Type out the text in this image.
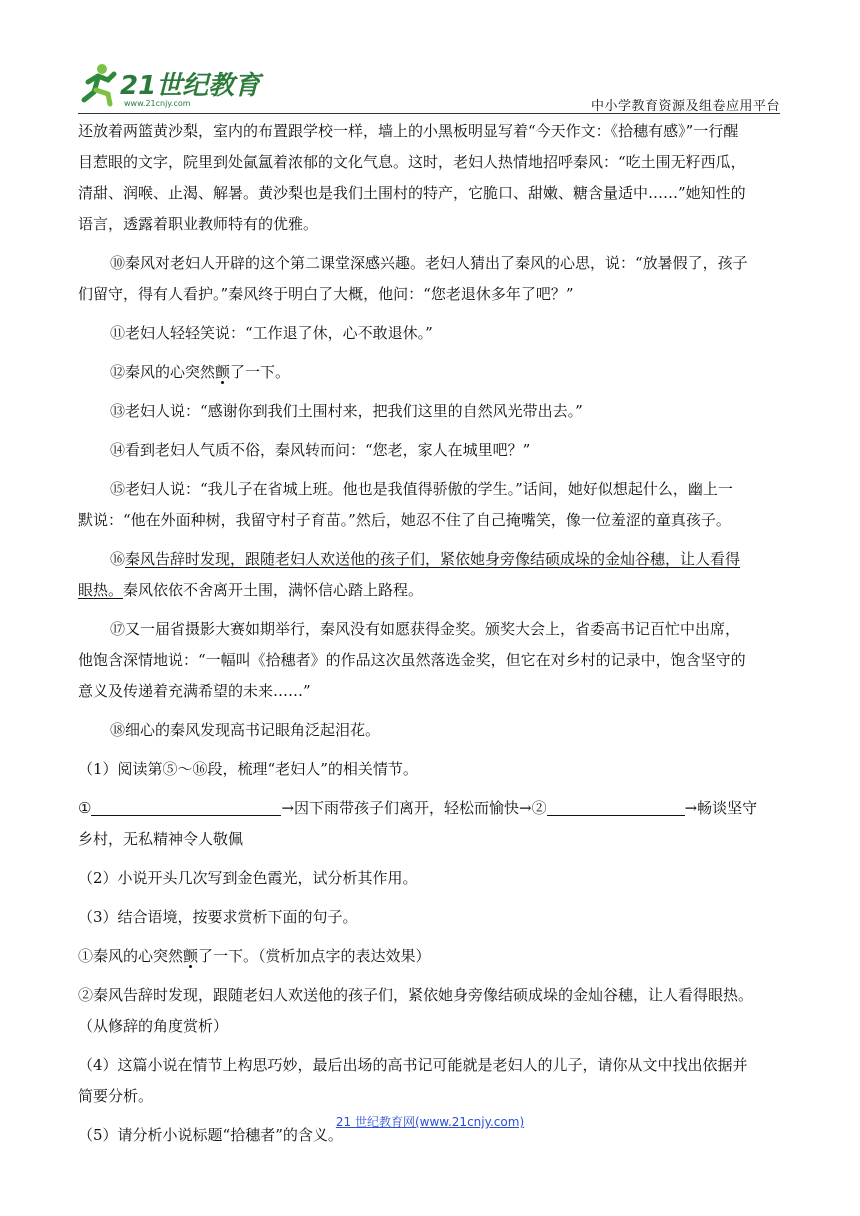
21世纪教育
www.21cnjy.com	中小学教育资源及组卷应用平台
还放着两篮黄沙梨，室内的布置跟学校一样，墙上的小黑板明显写着“今天作文：《拾穗有感》”一行醒
目惹眼的文字，院里到处氤氲着浓郁的文化气息。这时，老妇人热情地招呼秦风：“吃土围无籽西瓜，
清甜、润喉、止渴、解暑。黄沙梨也是我们土围村的特产，它脆口、甜嫩、糖含量适中……”她知性的
语言，透露着职业教师特有的优雅。
⑩秦风对老妇人开辟的这个第二课堂深感兴趣。老妇人猜出了秦风的心思，说：“放暑假了，孩子
们留守，得有人看护。”秦风终于明白了大概，他问：“您老退休多年了吧？”
⑪老妇人轻轻笑说：“工作退了休，心不敢退休。”
⑫秦风的心突然颤了一下。
⑬老妇人说：“感谢你到我们土围村来，把我们这里的自然风光带出去。”
⑭看到老妇人气质不俗，秦风转而问：“您老，家人在城里吧？”
⑮老妇人说：“我儿子在省城上班。他也是我值得骄傲的学生。”话间，她好似想起什么，幽上一
默说：“他在外面种树，我留守村子育苗。”然后，她忍不住了自己掩嘴笑，像一位羞涩的童真孩子。
⑯秦风告辞时发现，跟随老妇人欢送他的孩子们，紧依她身旁像结硕成垛的金灿谷穗，让人看得
眼热。秦风依依不舍离开土围，满怀信心踏上路程。
⑰又一届省摄影大赛如期举行，秦风没有如愿获得金奖。颁奖大会上，省委高书记百忙中出席，
他饱含深情地说：“一幅叫《拾穗者》的作品这次虽然落选金奖，但它在对乡村的记录中，饱含坚守的
意义及传递着充满希望的未来……”
⑱细心的秦风发现高书记眼角泛起泪花。
（1）阅读第⑤～⑯段，梳理“老妇人”的相关情节。
①	→因下雨带孩子们离开，轻松而愉快→②	→畅谈坚守
乡村，无私精神令人敬佩
（2）小说开头几次写到金色霞光，试分析其作用。
（3）结合语境，按要求赏析下面的句子。
①秦风的心突然颤了一下。（赏析加点字的表达效果）
②秦风告辞时发现，跟随老妇人欢送他的孩子们，紧依她身旁像结硕成垛的金灿谷穗，让人看得眼热。
（从修辞的角度赏析）
（4）这篇小说在情节上构思巧妙，最后出场的高书记可能就是老妇人的儿子，请你从文中找出依据并
简要分析。
（5）请分析小说标题“拾穗者”的含义。
21 世纪教育网(www.21cnjy.com)
